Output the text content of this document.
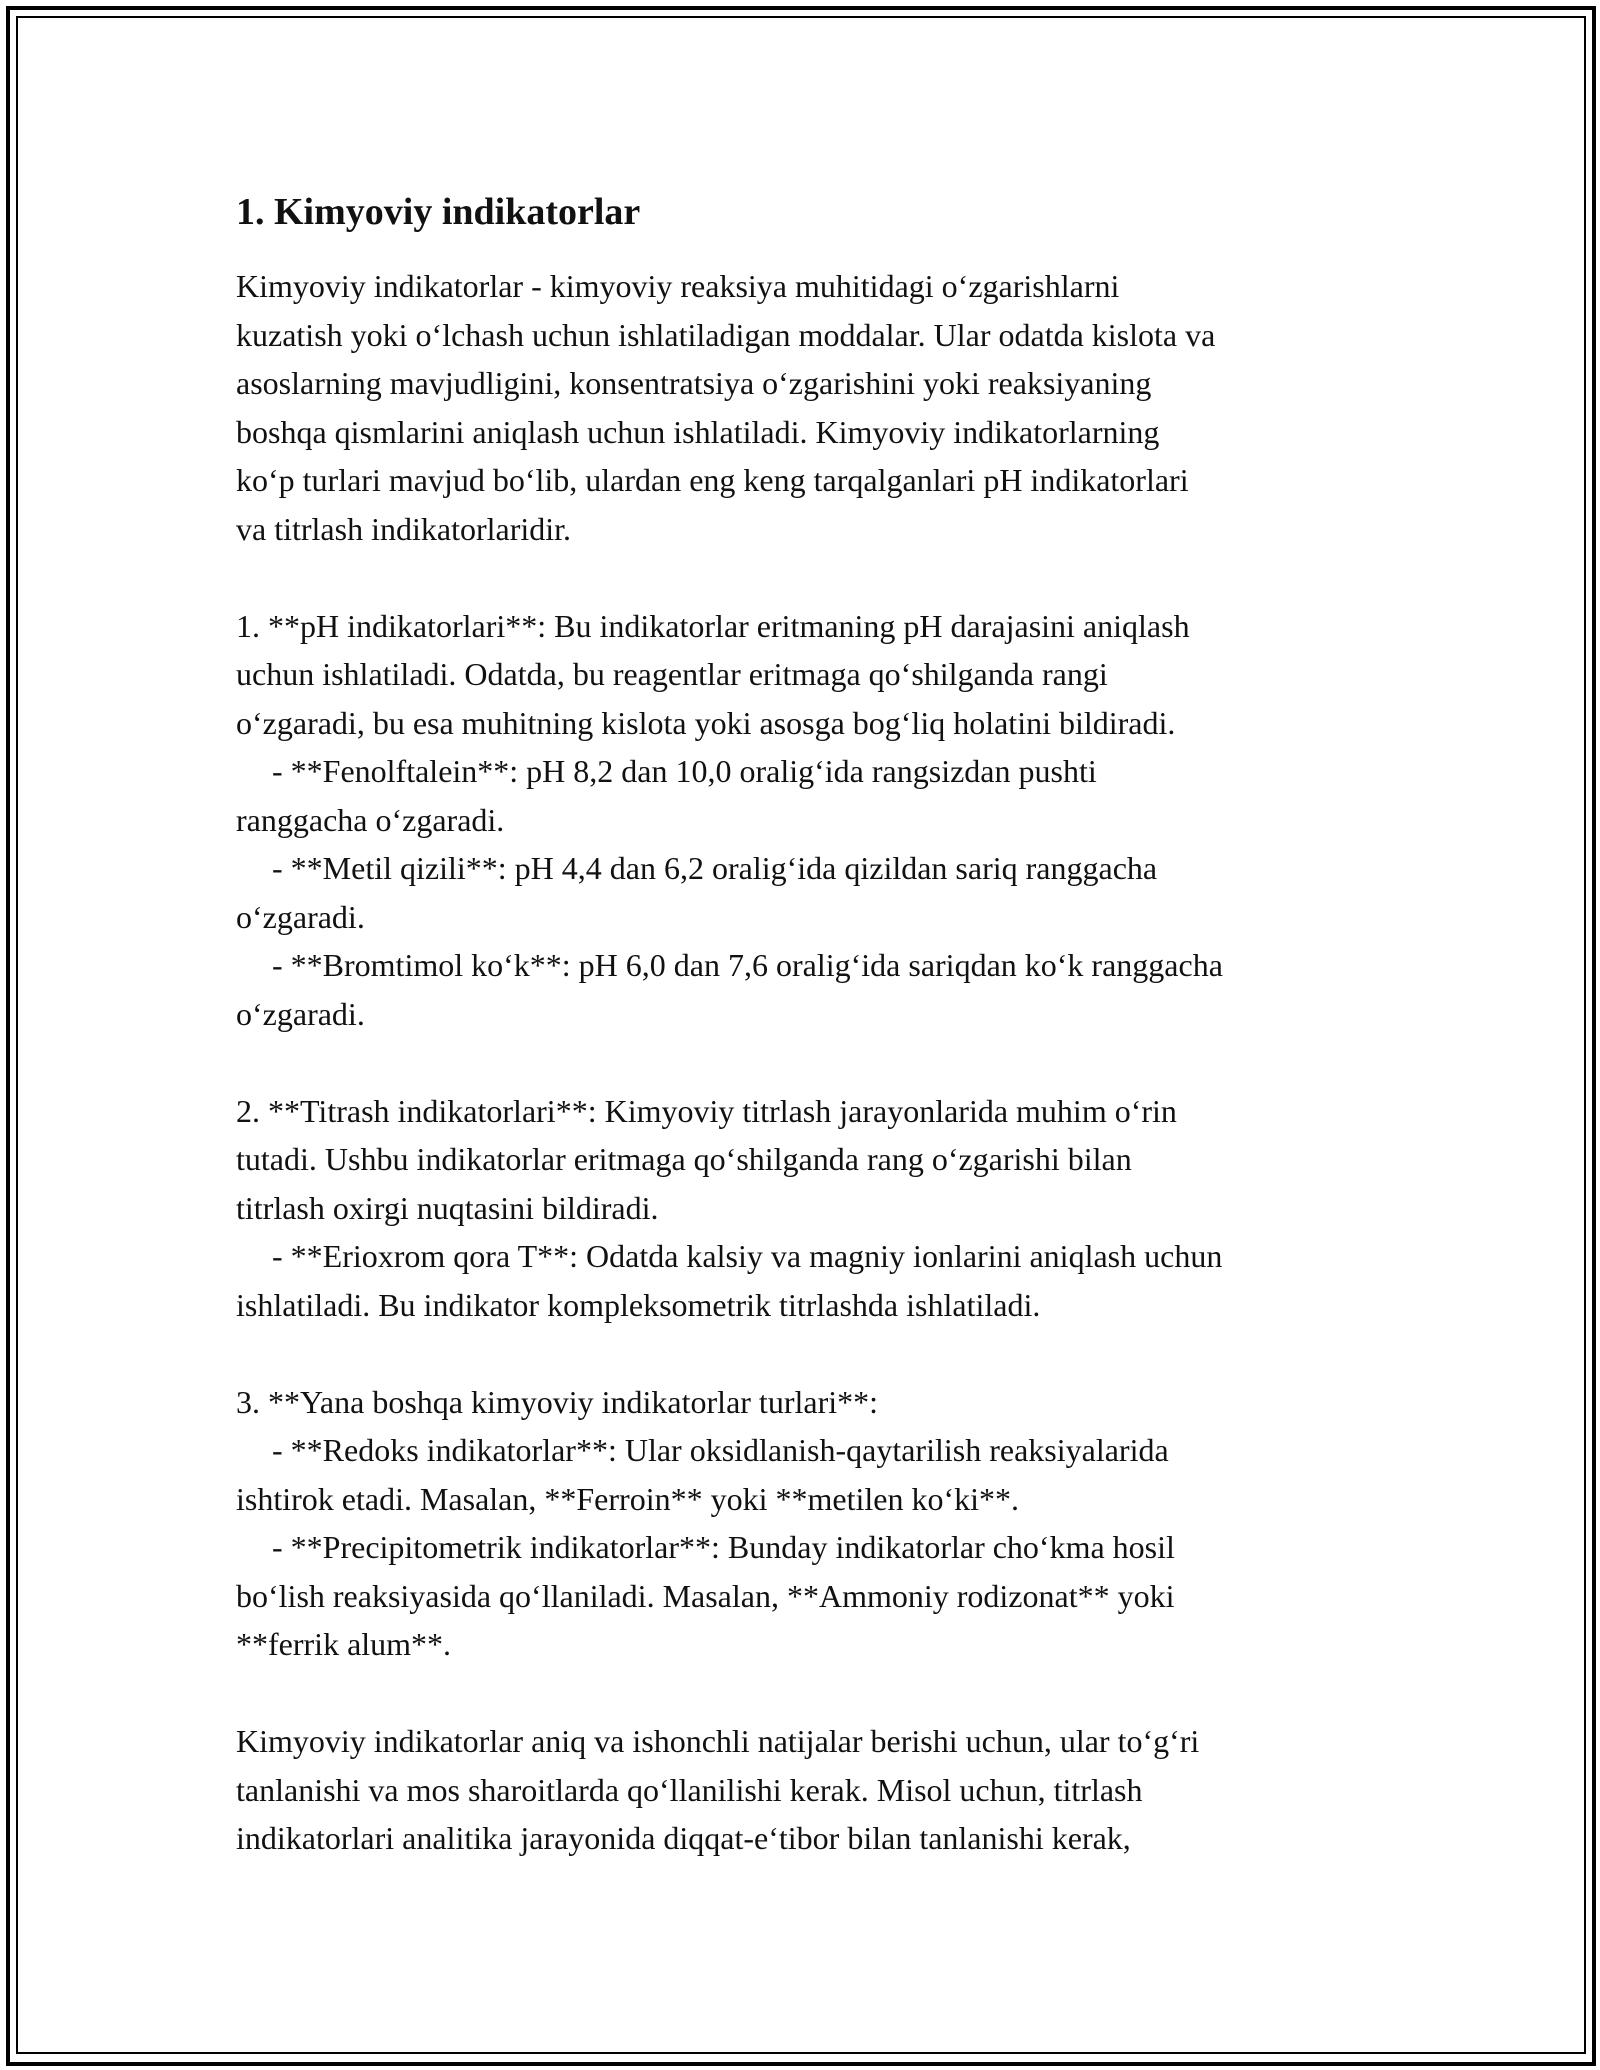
1. Kimyoviy indikatorlar

Kimyoviy indikatorlar - kimyoviy reaksiya muhitidagi o‘zgarishlarni

kuzatish yoki o‘lchash uchun ishlatiladigan moddalar. Ular odatda kislota va

asoslarning mavjudligini, konsentratsiya o‘zgarishini yoki reaksiyaning

boshqa qismlarini aniqlash uchun ishlatiladi. Kimyoviy indikatorlarning

ko‘p turlari mavjud bo‘lib, ulardan eng keng tarqalganlari pH indikatorlari

va titrlash indikatorlaridir.

1. **pH indikatorlari**: Bu indikatorlar eritmaning pH darajasini aniqlash

uchun ishlatiladi. Odatda, bu reagentlar eritmaga qo‘shilganda rangi

o‘zgaradi, bu esa muhitning kislota yoki asosga bog‘liq holatini bildiradi.

- **Fenolftalein**: pH 8,2 dan 10,0 oralig‘ida rangsizdan pushti

ranggacha o‘zgaradi.

- **Metil qizili**: pH 4,4 dan 6,2 oralig‘ida qizildan sariq ranggacha

o‘zgaradi.

- **Bromtimol ko‘k**: pH 6,0 dan 7,6 oralig‘ida sariqdan ko‘k ranggacha

o‘zgaradi.

2. **Titrash indikatorlari**: Kimyoviy titrlash jarayonlarida muhim o‘rin

tutadi. Ushbu indikatorlar eritmaga qo‘shilganda rang o‘zgarishi bilan

titrlash oxirgi nuqtasini bildiradi.

- **Erioxrom qora T**: Odatda kalsiy va magniy ionlarini aniqlash uchun

ishlatiladi. Bu indikator kompleksometrik titrlashda ishlatiladi.

3. **Yana boshqa kimyoviy indikatorlar turlari**:

- **Redoks indikatorlar**: Ular oksidlanish-qaytarilish reaksiyalarida

ishtirok etadi. Masalan, **Ferroin** yoki **metilen ko‘ki**.

- **Precipitometrik indikatorlar**: Bunday indikatorlar cho‘kma hosil

bo‘lish reaksiyasida qo‘llaniladi. Masalan, **Ammoniy rodizonat** yoki

**ferrik alum**.

Kimyoviy indikatorlar aniq va ishonchli natijalar berishi uchun, ular to‘g‘ri

tanlanishi va mos sharoitlarda qo‘llanilishi kerak. Misol uchun, titrlash

indikatorlari analitika jarayonida diqqat-e‘tibor bilan tanlanishi kerak,
